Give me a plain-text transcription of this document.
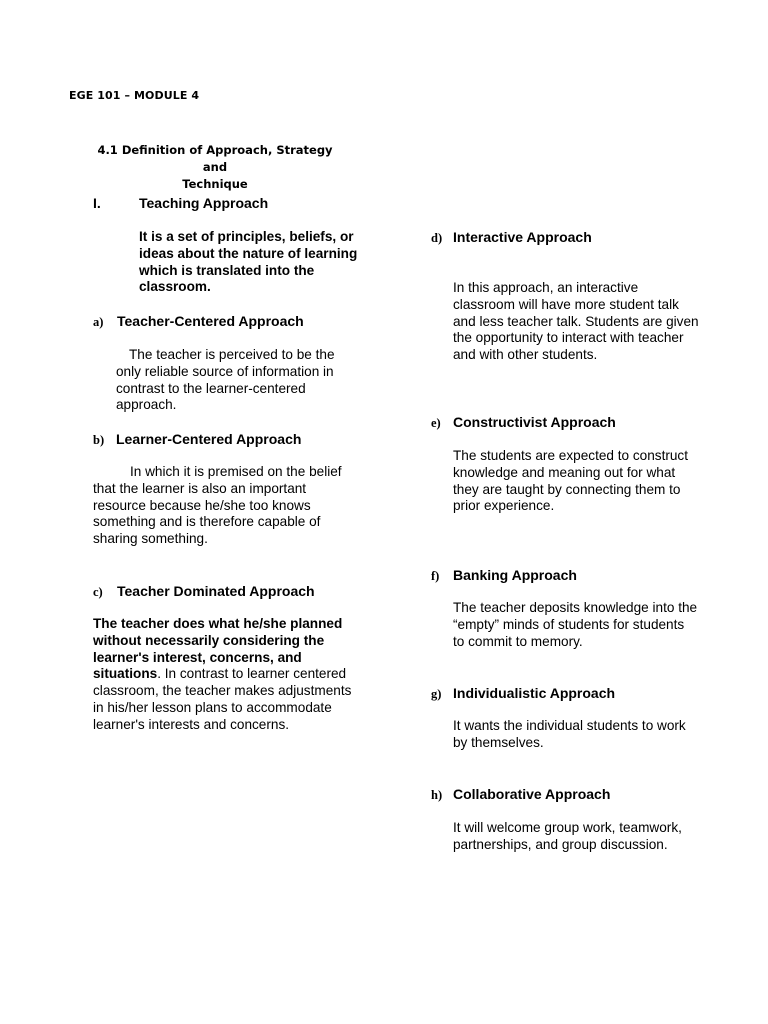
EGE 101 – MODULE 4
4.1 Definition of Approach, Strategy and
Technique
I.	Teaching Approach

It is a set of principles, beliefs, or ideas about the nature of learning which is translated into the classroom.

a) Teacher-Centered Approach

The teacher is perceived to be the only reliable source of information in contrast to the learner-centered approach.

b) Learner-Centered Approach

In which it is premised on the belief that the learner is also an important resource because he/she too knows something and is therefore capable of sharing something.

c) Teacher Dominated Approach

The teacher does what he/she planned without necessarily considering the learner's interest, concerns, and situations. In contrast to learner centered classroom, the teacher makes adjustments in his/her lesson plans to accommodate learner's interests and concerns.

d) Interactive Approach

In this approach, an interactive classroom will have more student talk and less teacher talk. Students are given the opportunity to interact with teacher and with other students.

e) Constructivist Approach

The students are expected to construct knowledge and meaning out for what they are taught by connecting them to prior experience.

f) Banking Approach

The teacher deposits knowledge into the “empty” minds of students for students to commit to memory.

g) Individualistic Approach

It wants the individual students to work by themselves.

h) Collaborative Approach

It will welcome group work, teamwork, partnerships, and group discussion.
